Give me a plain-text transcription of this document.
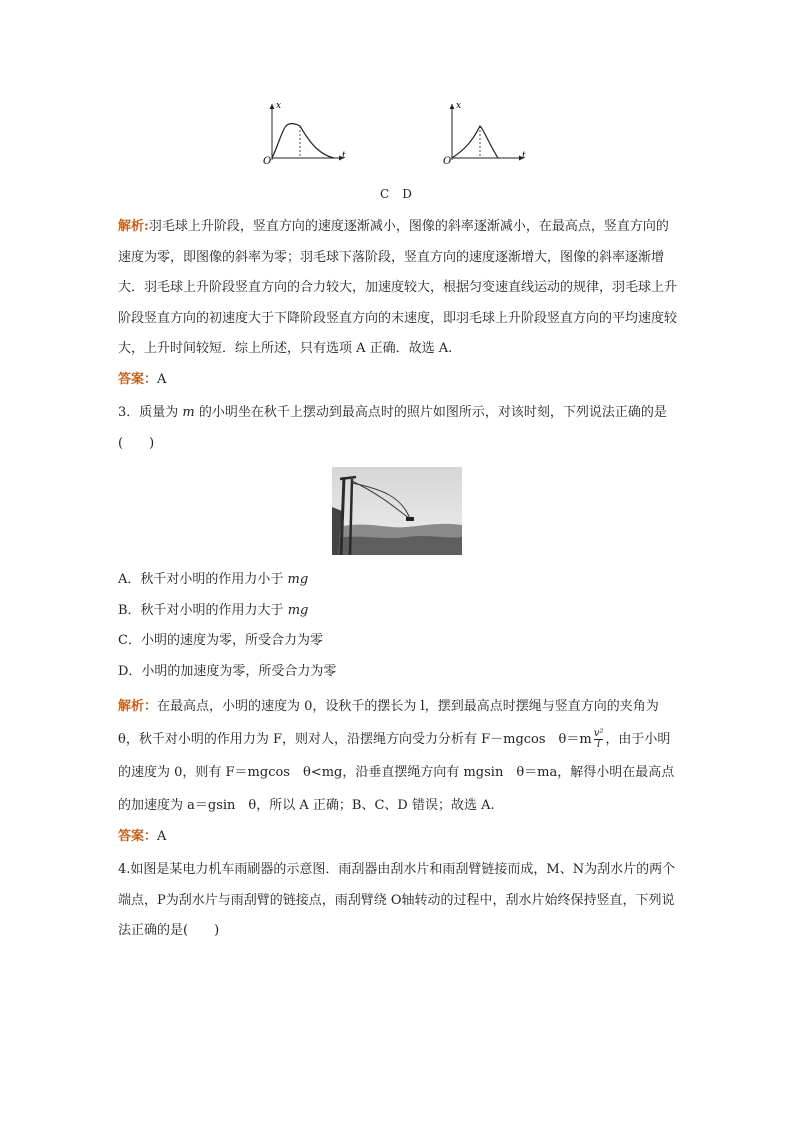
x
t
O
x
t
O
C D

解析:羽毛球上升阶段，竖直方向的速度逐渐减小，图像的斜率逐渐减小，在最高点，竖直方向的速度为零，即图像的斜率为零；羽毛球下落阶段，竖直方向的速度逐渐增大，图像的斜率逐渐增大．羽毛球上升阶段竖直方向的合力较大，加速度较大，根据匀变速直线运动的规律，羽毛球上升阶段竖直方向的初速度大于下降阶段竖直方向的末速度，即羽毛球上升阶段竖直方向的平均速度较大，上升时间较短．综上所述，只有选项 A 正确．故选 A.

答案：A

3．质量为 m 的小明坐在秋千上摆动到最高点时的照片如图所示，对该时刻，下列说法正确的是(　　)

A．秋千对小明的作用力小于 mg

B．秋千对小明的作用力大于 mg

C．小明的速度为零，所受合力为零

D．小明的加速度为零，所受合力为零

解析：在最高点，小明的速度为 0，设秋千的摆长为 l，摆到最高点时摆绳与竖直方向的夹角为 θ，秋千对小明的作用力为 F，则对人，沿摆绳方向受力分析有 F－mgcos　$\theta=m \frac{\text{v²}}{l}$ ，由于小明的速度为 0，则有 F＝mgcos　θ<mg，沿垂直摆绳方向有 mgsin　θ＝ma，解得小明在最高点的加速度为 a＝gsin　θ，所以 A 正确；B、C、D 错误；故选 A.

答案：A

4.如图是某电力机车雨刷器的示意图．雨刮器由刮水片和雨刮臂链接而成，M、N为刮水片的两个端点，P为刮水片与雨刮臂的链接点，雨刮臂绕 O轴转动的过程中，刮水片始终保持竖直，下列说法正确的是(　　)
